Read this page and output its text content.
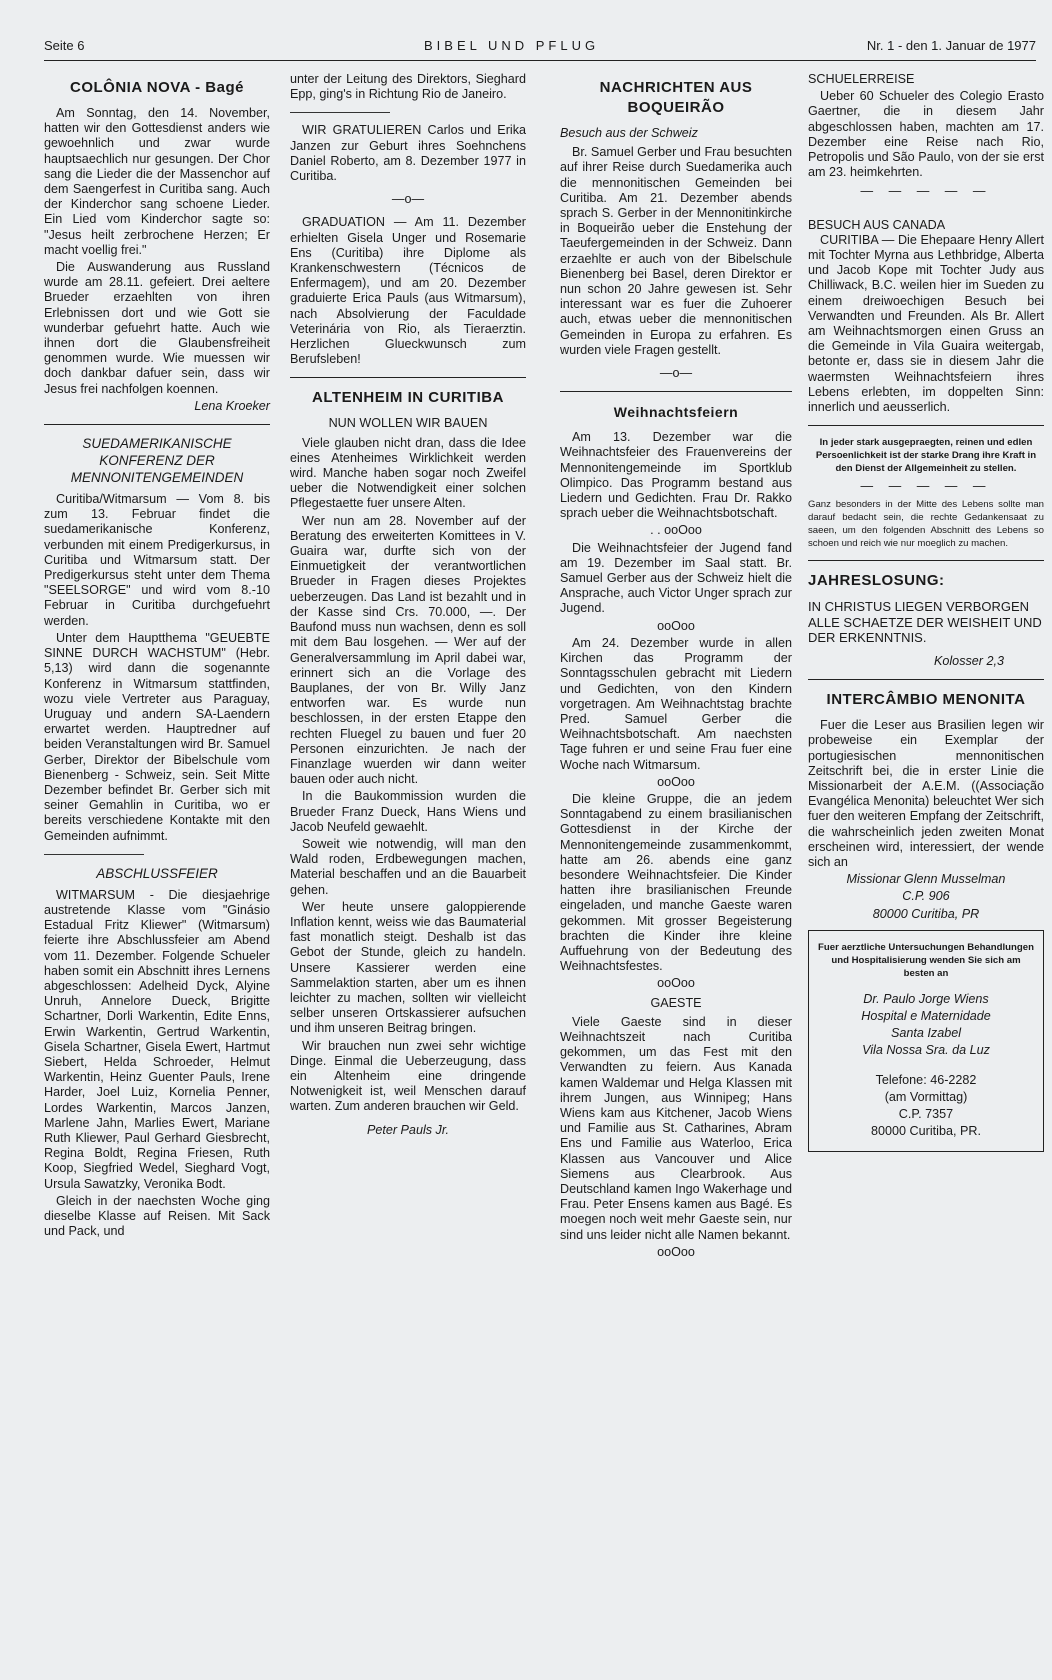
Seite 6	BIBEL UND PFLUG	Nr. 1 - den 1. Januar de 1977
COLÔNIA NOVA - Bagé

Am Sonntag, den 14. November, hatten wir den Gottesdienst anders wie gewoehnlich und zwar wurde hauptsaechlich nur gesungen. Der Chor sang die Lieder die der Massenchor auf dem Saengerfest in Curitiba sang. Auch der Kinderchor sang schoene Lieder. Ein Lied vom Kinderchor sagte so: "Jesus heilt zerbrochene Herzen; Er macht voellig frei."

Die Auswanderung aus Russland wurde am 28.11. gefeiert. Drei aeltere Brueder erzaehlten von ihren Erlebnissen dort und wie Gott sie wunderbar gefuehrt hatte. Auch wie ihnen dort die Glaubensfreiheit genommen wurde. Wie muessen wir doch dankbar dafuer sein, dass wir Jesus frei nachfolgen koennen.

Lena Kroeker

SUEDAMERIKANISCHE KONFERENZ DER MENNONITENGEMEINDEN

Curitiba/Witmarsum — Vom 8. bis zum 13. Februar findet die suedamerikanische Konferenz, verbunden mit einem Predigerkursus, in Curitiba und Witmarsum statt. Der Predigerkursus steht unter dem Thema "SEELSORGE" und wird vom 8.-10 Februar in Curitiba durchgefuehrt werden.

Unter dem Hauptthema "GEUEBTE SINNE DURCH WACHSTUM" (Hebr. 5,13) wird dann die sogenannte Konferenz in Witmarsum stattfinden, wozu viele Vertreter aus Paraguay, Uruguay und andern SA-Laendern erwartet werden. Hauptredner auf beiden Veranstaltungen wird Br. Samuel Gerber, Direktor der Bibelschule vom Bienenberg - Schweiz, sein. Seit Mitte Dezember befindet Br. Gerber sich mit seiner Gemahlin in Curitiba, wo er bereits verschiedene Kontakte mit den Gemeinden aufnimmt.

ABSCHLUSSFEIER

WITMARSUM - Die diesjaehrige austretende Klasse vom "Ginásio Estadual Fritz Kliewer" (Witmarsum) feierte ihre Abschlussfeier am Abend vom 11. Dezember. Folgende Schueler haben somit ein Abschnitt ihres Lernens abgeschlossen: Adelheid Dyck, Alyine Unruh, Annelore Dueck, Brigitte Schartner, Dorli Warkentin, Edite Enns, Erwin Warkentin, Gertrud Warkentin, Gisela Schartner, Gisela Ewert, Hartmut Siebert, Helda Schroeder, Helmut Warkentin, Heinz Guenter Pauls, Irene Harder, Joel Luiz, Kornelia Penner, Lordes Warkentin, Marcos Janzen, Marlene Jahn, Marlies Ewert, Mariane Ruth Kliewer, Paul Gerhard Giesbrecht, Regina Boldt, Regina Friesen, Ruth Koop, Siegfried Wedel, Sieghard Vogt, Ursula Sawatzky, Veronika Bodt.

Gleich in der naechsten Woche ging dieselbe Klasse auf Reisen. Mit Sack und Pack, und

unter der Leitung des Direktors, Sieghard Epp, ging's in Richtung Rio de Janeiro.

WIR GRATULIEREN Carlos und Erika Janzen zur Geburt ihres Soehnchens Daniel Roberto, am 8. Dezember 1977 in Curitiba.

—o—

GRADUATION — Am 11. Dezember erhielten Gisela Unger und Rosemarie Ens (Curitiba) ihre Diplome als Krankenschwestern (Técnicos de Enfermagem), und am 20. Dezember graduierte Erica Pauls (aus Witmarsum), nach Absolvierung der Faculdade Veterinária von Rio, als Tieraerztin. Herzlichen Glueckwunsch zum Berufsleben!

ALTENHEIM IN CURITIBA
NUN WOLLEN WIR BAUEN

Viele glauben nicht dran, dass die Idee eines Atenheimes Wirklichkeit werden wird. Manche haben sogar noch Zweifel ueber die Notwendigkeit einer solchen Pflegestaette fuer unsere Alten.

Wer nun am 28. November auf der Beratung des erweiterten Komittees in V. Guaira war, durfte sich von der Einmuetigkeit der verantwortlichen Brueder in Fragen dieses Projektes ueberzeugen. Das Land ist bezahlt und in der Kasse sind Crs. 70.000, —. Der Baufond muss nun wachsen, denn es soll mit dem Bau losgehen. — Wer auf der Generalversammlung im April dabei war, erinnert sich an die Vorlage des Bauplanes, der von Br. Willy Janz entworfen war. Es wurde nun beschlossen, in der ersten Etappe den rechten Fluegel zu bauen und fuer 20 Personen einzurichten. Je nach der Finanzlage wuerden wir dann weiter bauen oder auch nicht.

In die Baukommission wurden die Brueder Franz Dueck, Hans Wiens und Jacob Neufeld gewaehlt.

Soweit wie notwendig, will man den Wald roden, Erdbewegungen machen, Material beschaffen und an die Bauarbeit gehen.

Wer heute unsere galoppierende Inflation kennt, weiss wie das Baumaterial fast monatlich steigt. Deshalb ist das Gebot der Stunde, gleich zu handeln. Unsere Kassierer werden eine Sammelaktion starten, aber um es ihnen leichter zu machen, sollten wir vielleicht selber unseren Ortskassierer aufsuchen und ihm unseren Beitrag bringen.

Wir brauchen nun zwei sehr wichtige Dinge. Einmal die Ueberzeugung, dass ein Altenheim eine dringende Notwenigkeit ist, weil Menschen darauf warten. Zum anderen brauchen wir Geld.

Peter Pauls Jr.

NACHRICHTEN AUS BOQUEIRÃO
Besuch aus der Schweiz

Br. Samuel Gerber und Frau besuchten auf ihrer Reise durch Suedamerika auch die mennonitischen Gemeinden bei Curitiba. Am 21. Dezember abends sprach S. Gerber in der Mennonitinkirche in Boqueirão ueber die Enstehung der Taeufergemeinden in der Schweiz. Dann erzaehlte er auch von der Bibelschule Bienenberg bei Basel, deren Direktor er nun schon 20 Jahre gewesen ist. Sehr interessant war es fuer die Zuhoerer auch, etwas ueber die mennonitischen Gemeinden in Europa zu erfahren. Es wurden viele Fragen gestellt.

—o—
Weihnachtsfeiern

Am 13. Dezember war die Weihnachtsfeier des Frauenvereins der Mennonitengemeinde im Sportklub Olimpico. Das Programm bestand aus Liedern und Gedichten. Frau Dr. Rakko sprach ueber die Weihnachtsbotschaft.

. . ooOoo

Die Weihnachtsfeier der Jugend fand am 19. Dezember im Saal statt. Br. Samuel Gerber aus der Schweiz hielt die Ansprache, auch Victor Unger sprach zur Jugend.

ooOoo

Am 24. Dezember wurde in allen Kirchen das Programm der Sonntagsschulen gebracht mit Liedern und Gedichten, von den Kindern vorgetragen. Am Weihnachtstag brachte Pred. Samuel Gerber die Weihnachtsbotschaft. Am naechsten Tage fuhren er und seine Frau fuer eine Woche nach Witmarsum.

ooOoo

Die kleine Gruppe, die an jedem Sonntagabend zu einem brasilianischen Gottesdienst in der Kirche der Mennonitengemeinde zusammenkommt, hatte am 26. abends eine ganz besondere Weihnachtsfeier. Die Kinder hatten ihre brasilianischen Freunde eingeladen, und manche Gaeste waren gekommen. Mit grosser Begeisterung brachten die Kinder ihre kleine Auffuehrung von der Bedeutung des Weihnachtsfestes.

ooOoo
GAESTE

Viele Gaeste sind in dieser Weihnachtszeit nach Curitiba gekommen, um das Fest mit den Verwandten zu feiern. Aus Kanada kamen Waldemar und Helga Klassen mit ihrem Jungen, aus Winnipeg; Hans Wiens kam aus Kitchener, Jacob Wiens und Familie aus St. Catharines, Abram Ens und Familie aus Waterloo, Erica Klassen aus Vancouver und Alice Siemens aus Clearbrook. Aus Deutschland kamen Ingo Wakerhage und Frau. Peter Ensens kamen aus Bagé. Es moegen noch weit mehr Gaeste sein, nur sind uns leider nicht alle Namen bekannt.

ooOoo
SCHUELERREISE

Ueber 60 Schueler des Colegio Erasto Gaertner, die in diesem Jahr abgeschlossen haben, machten am 17. Dezember eine Reise nach Rio, Petropolis und São Paulo, von der sie erst am 23. heimkehrten.

— — — — —
BESUCH AUS CANADA

CURITIBA — Die Ehepaare Henry Allert mit Tochter Myrna aus Lethbridge, Alberta und Jacob Kope mit Tochter Judy aus Chilliwack, B.C. weilen hier im Sueden zu einem dreiwoechigen Besuch bei Verwandten und Freunden. Als Br. Allert am Weihnachtsmorgen einen Gruss an die Gemeinde in Vila Guaira weitergab, betonte er, dass sie in diesem Jahr die waermsten Weihnachtsfeiern ihres Lebens erlebten, im doppelten Sinn: innerlich und aeusserlich.

In jeder stark ausgepraegten, reinen und edlen Persoenlichkeit ist der starke Drang ihre Kraft in den Dienst der Allgemeinheit zu stellen.
— — — — —
Ganz besonders in der Mitte des Lebens sollte man darauf bedacht sein, die rechte Gedankensaat zu saeen, um den folgenden Abschnitt des Lebens so schoen und reich wie nur moeglich zu machen.
JAHRESLOSUNG:
IN CHRISTUS LIEGEN VERBORGEN ALLE SCHAETZE DER WEISHEIT UND DER ERKENNTNIS.

Kolosser 2,3

INTERCÂMBIO MENONITA

Fuer die Leser aus Brasilien legen wir probeweise ein Exemplar der portugiesischen mennonitischen Zeitschrift bei, die in erster Linie die Missionarbeit der A.E.M. ((Associação Evangélica Menonita) beleuchtet Wer sich fuer den weiteren Empfang der Zeitschrift, die wahrscheinlich jeden zweiten Monat erscheinen wird, interessiert, der wende sich an

Missionar Glenn Musselman
C.P. 906
80000 Curitiba, PR
Fuer aerztliche Untersuchungen Behandlungen und Hospitalisierung wenden Sie sich am besten an
Dr. Paulo Jorge Wiens
Hospital e Maternidade
Santa Izabel
Vila Nossa Sra. da Luz
Telefone: 46-2282
(am Vormittag)
C.P. 7357
80000 Curitiba, PR.
